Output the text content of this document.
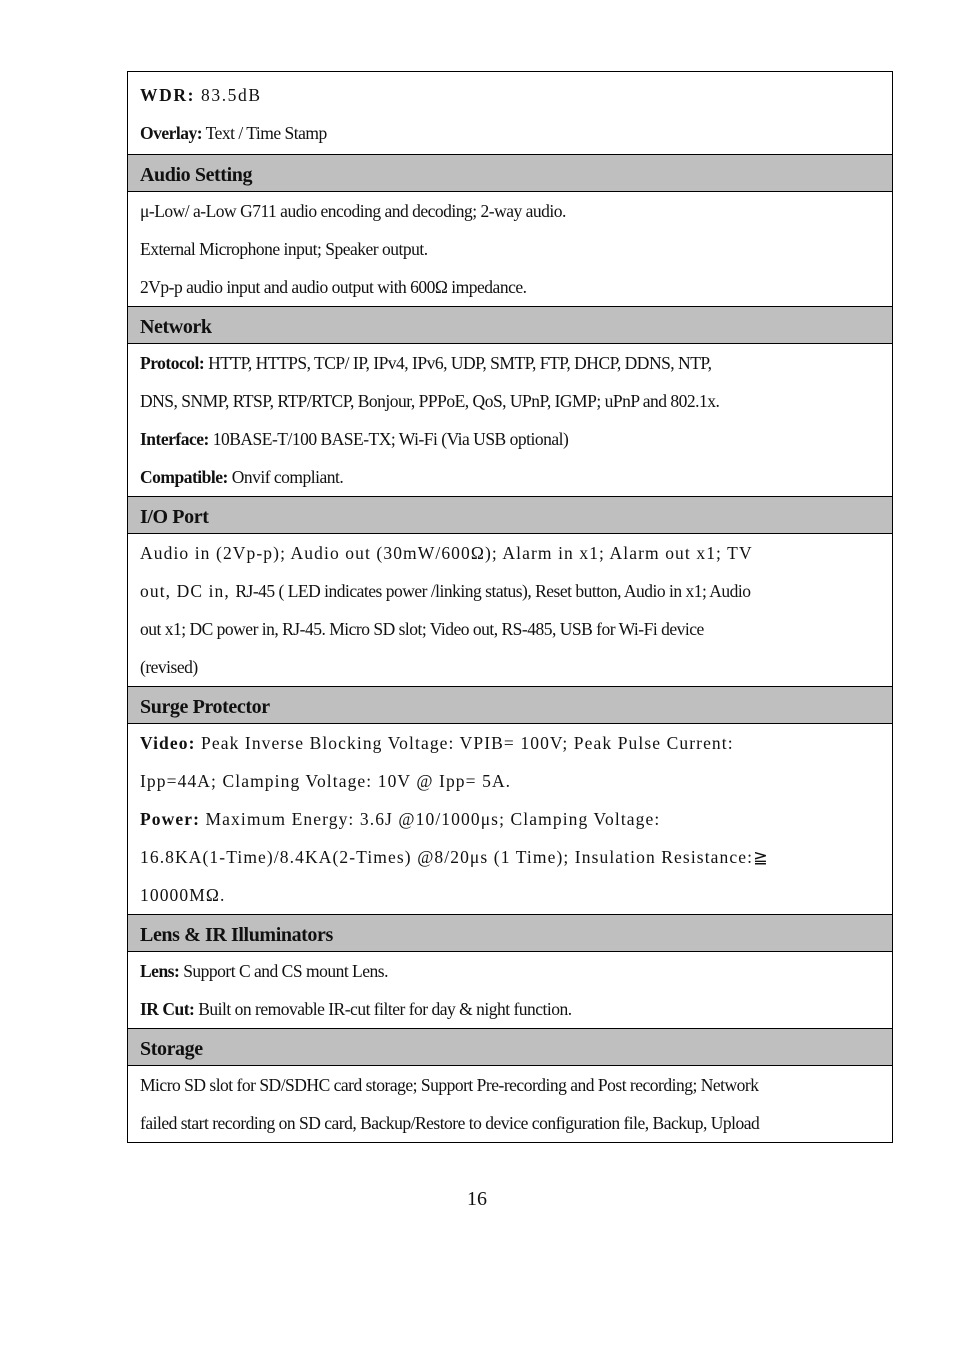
WDR: 83.5dB
Overlay: Text / Time Stamp
Audio Setting
μ-Low/ a-Low G711 audio encoding and decoding; 2-way audio.
External Microphone input; Speaker output.
2Vp-p audio input and audio output with 600Ω impedance.
Network
Protocol: HTTP, HTTPS, TCP/ IP, IPv4, IPv6, UDP, SMTP, FTP, DHCP, DDNS, NTP,
DNS, SNMP, RTSP, RTP/RTCP, Bonjour, PPPoE, QoS, UPnP, IGMP; uPnP and 802.1x.
Interface: 10BASE-T/100 BASE-TX; Wi-Fi (Via USB optional)
Compatible: Onvif compliant.
I/O Port
Audio in (2Vp-p); Audio out (30mW/600Ω); Alarm in x1; Alarm out x1; TV
out, DC in, RJ-45 ( LED indicates power /linking status), Reset button, Audio in x1; Audio
out x1; DC power in, RJ-45. Micro SD slot; Video out, RS-485, USB for Wi-Fi device
(revised)
Surge Protector
Video: Peak Inverse Blocking Voltage: VPIB= 100V; Peak Pulse Current:
Ipp=44A; Clamping Voltage: 10V @ Ipp= 5A.
Power: Maximum Energy: 3.6J @10/1000μs; Clamping Voltage:
16.8KA(1-Time)/8.4KA(2-Times) @8/20μs (1 Time); Insulation Resistance:≧
10000MΩ.
Lens & IR Illuminators
Lens: Support C and CS mount Lens.
IR Cut: Built on removable IR-cut filter for day & night function.
Storage
Micro SD slot for SD/SDHC card storage; Support Pre-recording and Post recording; Network
failed start recording on SD card, Backup/Restore to device configuration file, Backup, Upload
16
